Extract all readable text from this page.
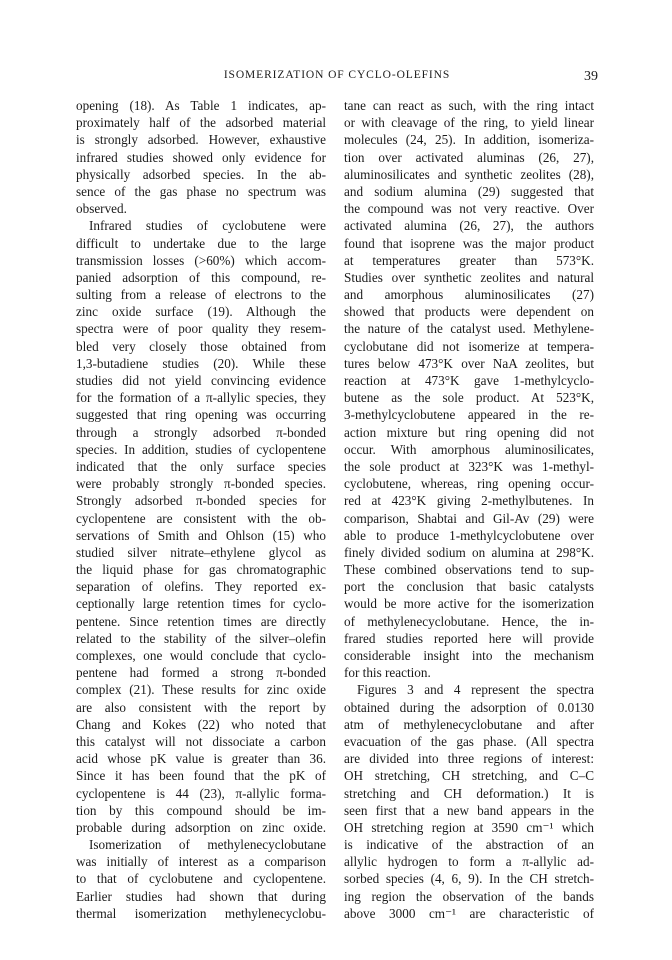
ISOMERIZATION OF CYCLO-OLEFINS	39
opening (18). As Table 1 indicates, ap-
proximately half of the adsorbed material
is strongly adsorbed. However, exhaustive
infrared studies showed only evidence for
physically adsorbed species. In the ab-
sence of the gas phase no spectrum was
observed.
Infrared studies of cyclobutene were
difficult to undertake due to the large
transmission losses (>60%) which accom-
panied adsorption of this compound, re-
sulting from a release of electrons to the
zinc oxide surface (19). Although the
spectra were of poor quality they resem-
bled very closely those obtained from
1,3-butadiene studies (20). While these
studies did not yield convincing evidence
for the formation of a π-allylic species, they
suggested that ring opening was occurring
through a strongly adsorbed π-bonded
species. In addition, studies of cyclopentene
indicated that the only surface species
were probably strongly π-bonded species.
Strongly adsorbed π-bonded species for
cyclopentene are consistent with the ob-
servations of Smith and Ohlson (15) who
studied silver nitrate–ethylene glycol as
the liquid phase for gas chromatographic
separation of olefins. They reported ex-
ceptionally large retention times for cyclo-
pentene. Since retention times are directly
related to the stability of the silver–olefin
complexes, one would conclude that cyclo-
pentene had formed a strong π-bonded
complex (21). These results for zinc oxide
are also consistent with the report by
Chang and Kokes (22) who noted that
this catalyst will not dissociate a carbon
acid whose pK value is greater than 36.
Since it has been found that the pK of
cyclopentene is 44 (23), π-allylic forma-
tion by this compound should be im-
probable during adsorption on zinc oxide.
Isomerization of methylenecyclobutane
was initially of interest as a comparison
to that of cyclobutene and cyclopentene.
Earlier studies had shown that during
thermal isomerization methylenecyclobu-
tane can react as such, with the ring intact
or with cleavage of the ring, to yield linear
molecules (24, 25). In addition, isomeriza-
tion over activated aluminas (26, 27),
aluminosilicates and synthetic zeolites (28),
and sodium alumina (29) suggested that
the compound was not very reactive. Over
activated alumina (26, 27), the authors
found that isoprene was the major product
at temperatures greater than 573°K.
Studies over synthetic zeolites and natural
and amorphous aluminosilicates (27)
showed that products were dependent on
the nature of the catalyst used. Methylene-
cyclobutane did not isomerize at tempera-
tures below 473°K over NaA zeolites, but
reaction at 473°K gave 1-methylcyclo-
butene as the sole product. At 523°K,
3-methylcyclobutene appeared in the re-
action mixture but ring opening did not
occur. With amorphous aluminosilicates,
the sole product at 323°K was 1-methyl-
cyclobutene, whereas, ring opening occur-
red at 423°K giving 2-methylbutenes. In
comparison, Shabtai and Gil-Av (29) were
able to produce 1-methylcyclobutene over
finely divided sodium on alumina at 298°K.
These combined observations tend to sup-
port the conclusion that basic catalysts
would be more active for the isomerization
of methylenecyclobutane. Hence, the in-
frared studies reported here will provide
considerable insight into the mechanism
for this reaction.
Figures 3 and 4 represent the spectra
obtained during the adsorption of 0.0130
atm of methylenecyclobutane and after
evacuation of the gas phase. (All spectra
are divided into three regions of interest:
OH stretching, CH stretching, and C–C
stretching and CH deformation.) It is
seen first that a new band appears in the
OH stretching region at 3590 cm⁻¹ which
is indicative of the abstraction of an
allylic hydrogen to form a π-allylic ad-
sorbed species (4, 6, 9). In the CH stretch-
ing region the observation of the bands
above 3000 cm⁻¹ are characteristic of
